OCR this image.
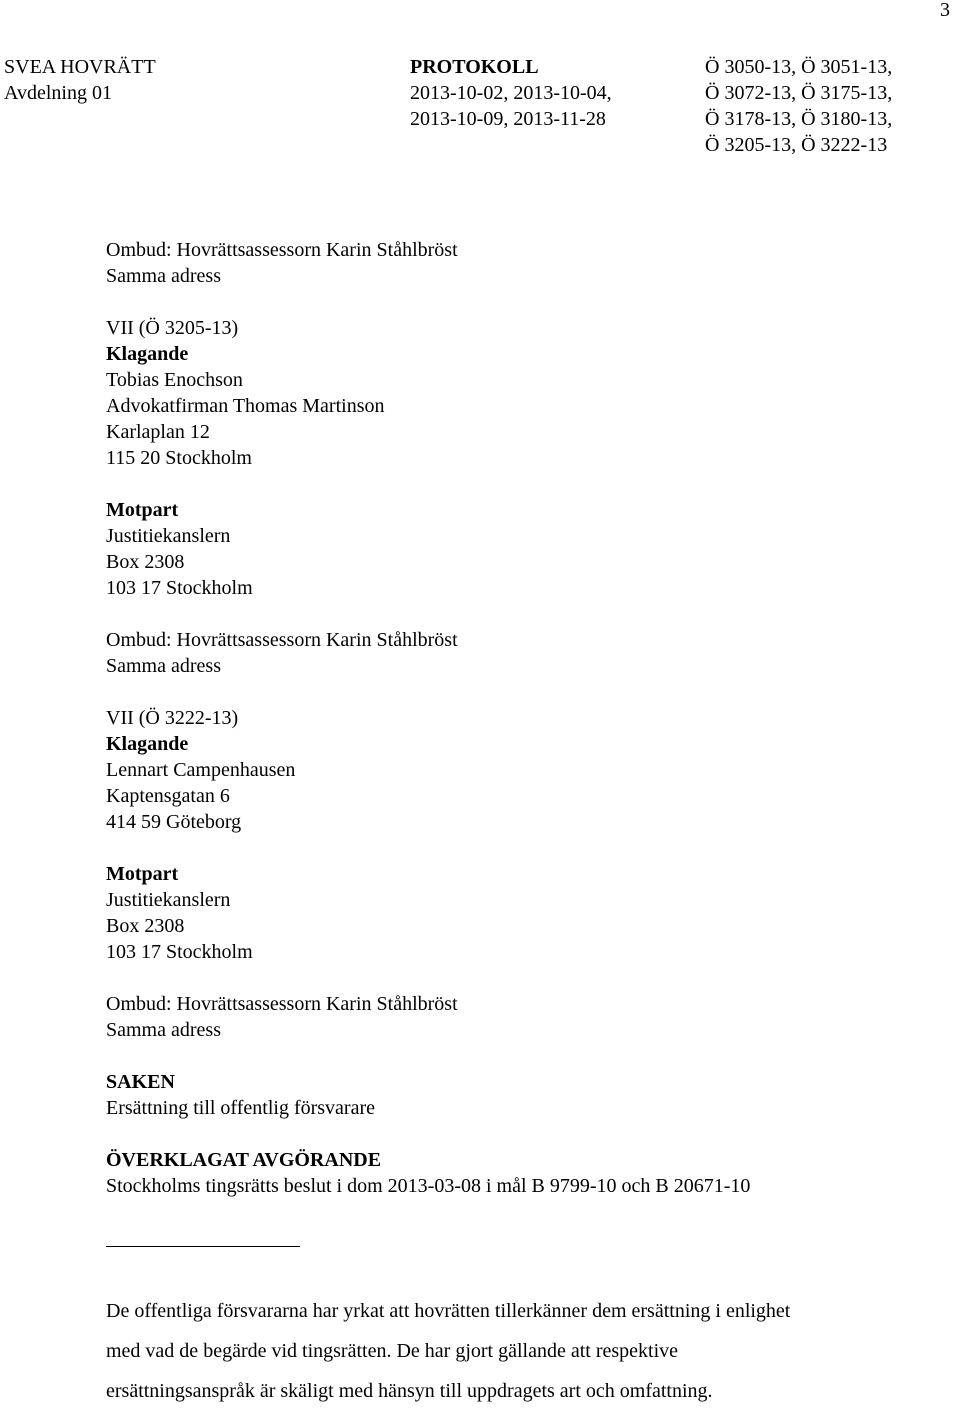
3
SVEA HOVRÄTT
Avdelning 01
PROTOKOLL
2013-10-02, 2013-10-04,
2013-10-09, 2013-11-28
Ö 3050-13, Ö 3051-13,
Ö 3072-13, Ö 3175-13,
Ö 3178-13, Ö 3180-13,
Ö 3205-13, Ö 3222-13
Ombud: Hovrättsassessorn Karin Ståhlbröst
Samma adress
VII (Ö 3205-13)
Klagande
Tobias Enochson
Advokatfirman Thomas Martinson
Karlaplan 12
115 20 Stockholm
Motpart
Justitiekanslern
Box 2308
103 17 Stockholm
Ombud: Hovrättsassessorn Karin Ståhlbröst
Samma adress
VII (Ö 3222-13)
Klagande
Lennart Campenhausen
Kaptensgatan 6
414 59 Göteborg
Motpart
Justitiekanslern
Box 2308
103 17 Stockholm
Ombud: Hovrättsassessorn Karin Ståhlbröst
Samma adress
SAKEN
Ersättning till offentlig försvarare
ÖVERKLAGAT AVGÖRANDE
Stockholms tingsrätts beslut i dom 2013-03-08 i mål B 9799-10 och B 20671-10
De offentliga försvararna har yrkat att hovrätten tillerkänner dem ersättning i enlighet
med vad de begärde vid tingsrätten. De har gjort gällande att respektive
ersättningsanspråk är skäligt med hänsyn till uppdragets art och omfattning.
